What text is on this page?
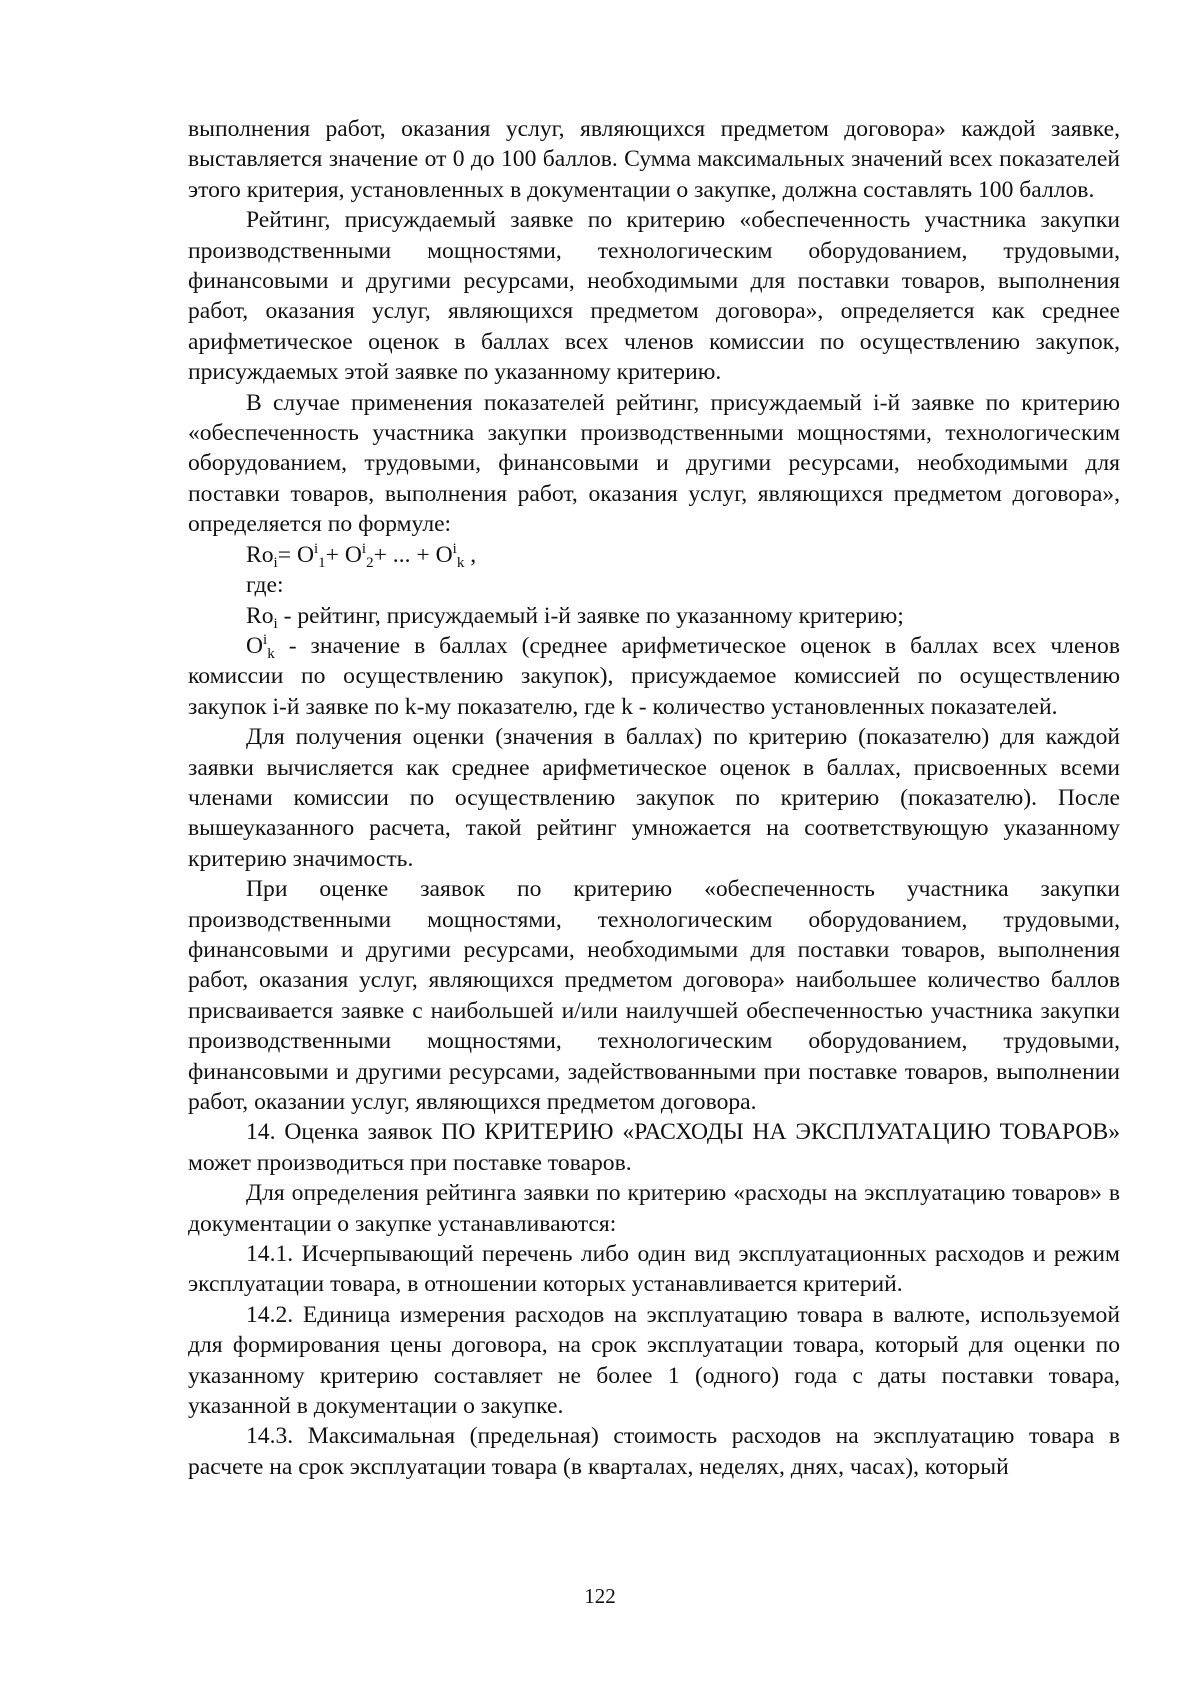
выполнения работ, оказания услуг, являющихся предметом договора» каждой заявке, выставляется значение от 0 до 100 баллов. Сумма максимальных значений всех показателей этого критерия, установленных в документации о закупке, должна составлять 100 баллов.

Рейтинг, присуждаемый заявке по критерию «обеспеченность участника закупки производственными мощностями, технологическим оборудованием, трудовыми, финансовыми и другими ресурсами, необходимыми для поставки товаров, выполнения работ, оказания услуг, являющихся предметом договора», определяется как среднее арифметическое оценок в баллах всех членов комиссии по осуществлению закупок, присуждаемых этой заявке по указанному критерию.

В случае применения показателей рейтинг, присуждаемый i-й заявке по критерию «обеспеченность участника закупки производственными мощностями, технологическим оборудованием, трудовыми, финансовыми и другими ресурсами, необходимыми для поставки товаров, выполнения работ, оказания услуг, являющихся предметом договора», определяется по формуле:

$Ro_i= O^i_1+ O^i_2+$ ... + $O^i_k$ ,

где:

$Ro_i$ - рейтинг, присуждаемый i-й заявке по указанному критерию;

$O^i_k$ - значение в баллах (среднее арифметическое оценок в баллах всех членов комиссии по осуществлению закупок), присуждаемое комиссией по осуществлению закупок i-й заявке по k-му показателю, где k - количество установленных показателей.

Для получения оценки (значения в баллах) по критерию (показателю) для каждой заявки вычисляется как среднее арифметическое оценок в баллах, присвоенных всеми членами комиссии по осуществлению закупок по критерию (показателю). После вышеуказанного расчета, такой рейтинг умножается на соответствующую указанному критерию значимость.

При оценке заявок по критерию «обеспеченность участника закупки производственными мощностями, технологическим оборудованием, трудовыми, финансовыми и другими ресурсами, необходимыми для поставки товаров, выполнения работ, оказания услуг, являющихся предметом договора» наибольшее количество баллов присваивается заявке с наибольшей и/или наилучшей обеспеченностью участника закупки производственными мощностями, технологическим оборудованием, трудовыми, финансовыми и другими ресурсами, задействованными при поставке товаров, выполнении работ, оказании услуг, являющихся предметом договора.

14. Оценка заявок ПО КРИТЕРИЮ «РАСХОДЫ НА ЭКСПЛУАТАЦИЮ ТОВАРОВ» может производиться при поставке товаров.

Для определения рейтинга заявки по критерию «расходы на эксплуатацию товаров» в документации о закупке устанавливаются:

14.1. Исчерпывающий перечень либо один вид эксплуатационных расходов и режим эксплуатации товара, в отношении которых устанавливается критерий.

14.2. Единица измерения расходов на эксплуатацию товара в валюте, используемой для формирования цены договора, на срок эксплуатации товара, который для оценки по указанному критерию составляет не более 1 (одного) года с даты поставки товара, указанной в документации о закупке.

14.3. Максимальная (предельная) стоимость расходов на эксплуатацию товара в расчете на срок эксплуатации товара (в кварталах, неделях, днях, часах), который

122
